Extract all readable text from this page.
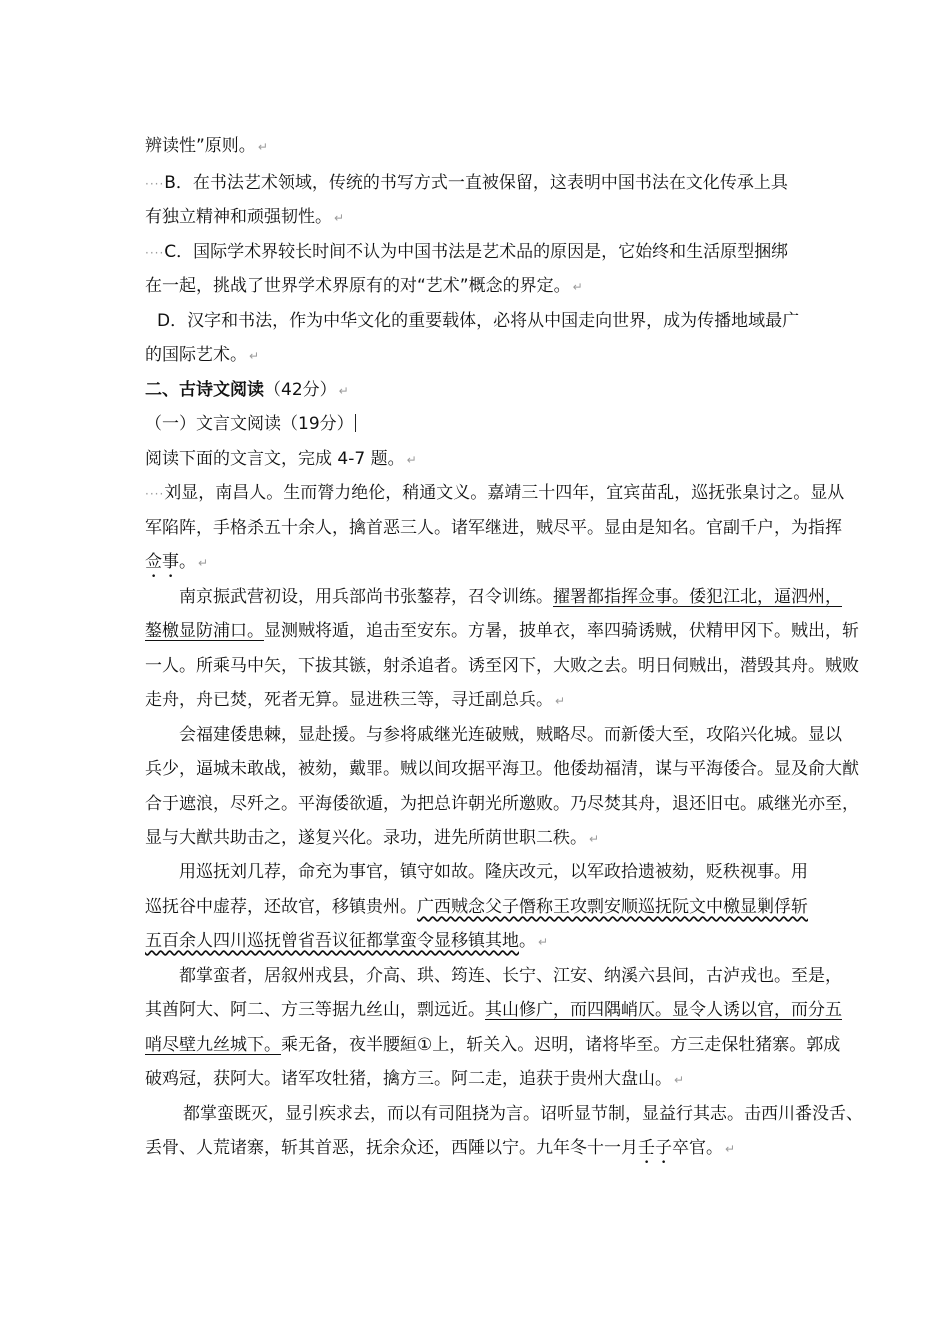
辨读性”原则。 ↵
····B．在书法艺术领域，传统的书写方式一直被保留，这表明中国书法在文化传承上具
有独立精神和顽强韧性。 ↵
····C．国际学术界较长时间不认为中国书法是艺术品的原因是，它始终和生活原型捆绑
在一起，挑战了世界学术界原有的对“艺术”概念的界定。 ↵
D．汉字和书法，作为中华文化的重要载体，必将从中国走向世界，成为传播地域最广
的国际艺术。 ↵
二、古诗文阅读（42分） ↵
（一）文言文阅读（19分）
阅读下面的文言文，完成 4-7 题。 ↵
····刘显，南昌人。生而膂力绝伦，稍通文义。嘉靖三十四年，宜宾苗乱，巡抚张臬讨之。显从
军陷阵，手格杀五十余人，擒首恶三人。诸军继进，贼尽平。显由是知名。官副千户，为指挥
佥事。 ↵
南京振武营初设，用兵部尚书张鏊荐，召令训练。擢署都指挥佥事。倭犯江北，逼泗州，
鏊檄显防浦口。显测贼将遁，追击至安东。方暑，披单衣，率四骑诱贼，伏精甲冈下。贼出，斩
一人。所乘马中矢，下拔其镞，射杀追者。诱至冈下，大败之去。明日伺贼出，潜毁其舟。贼败
走舟，舟已焚，死者无算。显进秩三等，寻迁副总兵。 ↵
会福建倭患棘，显赴援。与参将戚继光连破贼，贼略尽。而新倭大至，攻陷兴化城。显以
兵少，逼城未敢战，被劾，戴罪。贼以间攻据平海卫。他倭劫福清，谋与平海倭合。显及俞大猷
合于遮浪，尽歼之。平海倭欲遁，为把总许朝光所邀败。乃尽焚其舟，退还旧屯。戚继光亦至，
显与大猷共助击之，遂复兴化。录功，进先所荫世职二秩。 ↵
用巡抚刘几荐，命充为事官，镇守如故。隆庆改元，以军政拾遗被劾，贬秩视事。用
巡抚谷中虚荐，还故官，移镇贵州。广西贼念父子僭称王攻剽安顺巡抚阮文中檄显剿俘斩
五百余人四川巡抚曾省吾议征都掌蛮令显移镇其地。 ↵
都掌蛮者，居叙州戎县，介高、珙、筠连、长宁、江安、纳溪六县间，古泸戎也。至是，
其酋阿大、阿二、方三等据九丝山，剽远近。其山修广，而四隅峭仄。显令人诱以官，而分五
哨尽壁九丝城下。乘无备，夜半腰絙①上，斩关入。迟明，诸将毕至。方三走保牡猪寨。郭成
破鸡冠，获阿大。诸军攻牡猪，擒方三。阿二走，追获于贵州大盘山。 ↵
都掌蛮既灭，显引疾求去，而以有司阻挠为言。诏听显节制，显益行其志。击西川番没舌、
丢骨、人荒诸寨，斩其首恶，抚余众还，西陲以宁。九年冬十一月壬子卒官。 ↵
